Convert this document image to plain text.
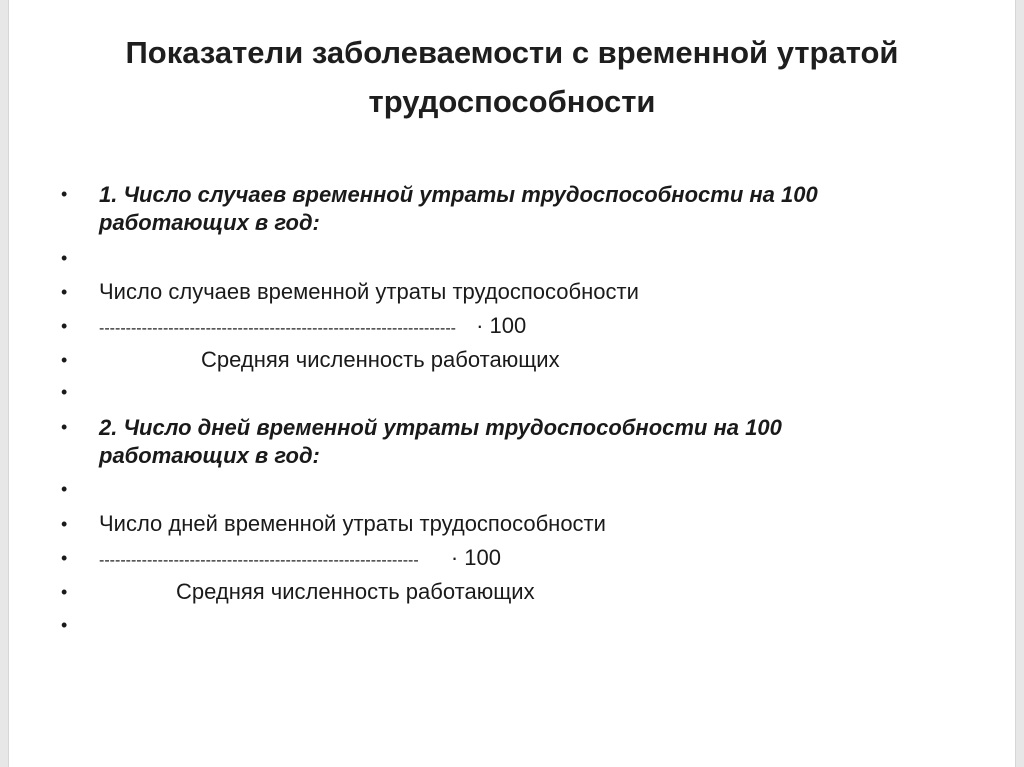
Показатели заболеваемости с временной утратой
трудоспособности
•
•
•
•
•
•
•
•
•
•
•
•
1. Число случаев временной утраты трудоспособности на 100
работающих в год:
Число случаев временной утраты трудоспособности
------------------------------------------------------------------- · 100
Средняя численность работающих
2. Число дней временной утраты трудоспособности на 100
работающих в год:
Число дней временной утраты трудоспособности
------------------------------------------------------------ · 100
Средняя численность работающих
